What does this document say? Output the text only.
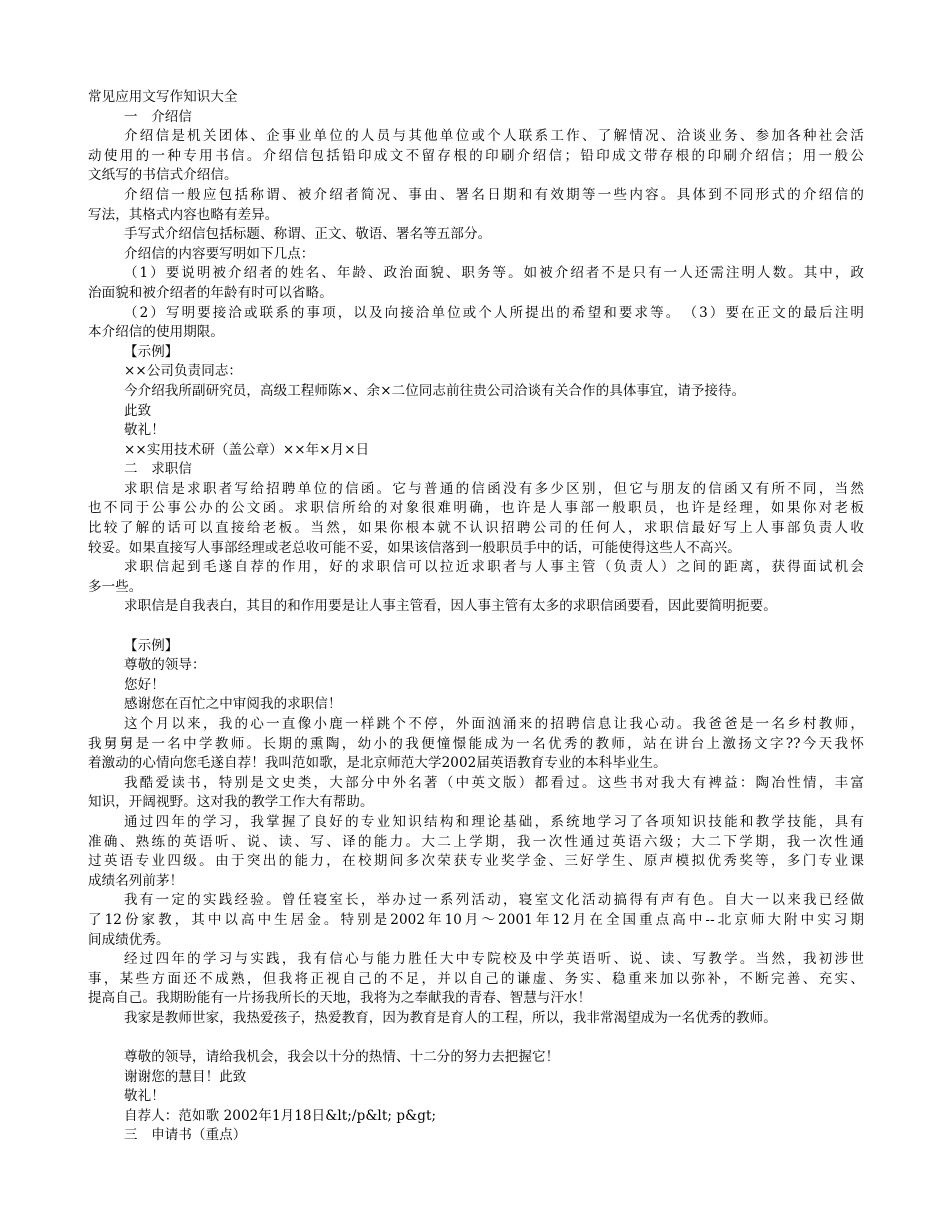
常见应用文写作知识大全
一　介绍信
介绍信是机关团体、企事业单位的人员与其他单位或个人联系工作、了解情况、洽谈业务、参加各种社会活
动使用的一种专用书信。介绍信包括铅印成文不留存根的印刷介绍信；铅印成文带存根的印刷介绍信；用一般公
文纸写的书信式介绍信。
介绍信一般应包括称谓、被介绍者简况、事由、署名日期和有效期等一些内容。具体到不同形式的介绍信的
写法，其格式内容也略有差异。
手写式介绍信包括标题、称谓、正文、敬语、署名等五部分。
介绍信的内容要写明如下几点：
（1）要说明被介绍者的姓名、年龄、政治面貌、职务等。如被介绍者不是只有一人还需注明人数。其中，政
治面貌和被介绍者的年龄有时可以省略。
（2）写明要接洽或联系的事项，以及向接洽单位或个人所提出的希望和要求等。　（3）要在正文的最后注明
本介绍信的使用期限。
【示例】
××公司负责同志：
今介绍我所副研究员，高级工程师陈×、余×二位同志前往贵公司洽谈有关合作的具体事宜，请予接待。
此致
敬礼！
××实用技术研（盖公章）××年×月×日
二　求职信
求职信是求职者写给招聘单位的信函。它与普通的信函没有多少区别，但它与朋友的信函又有所不同，当然
也不同于公事公办的公文函。求职信所给的对象很难明确，也许是人事部一般职员，也许是经理，如果你对老板
比较了解的话可以直接给老板。当然，如果你根本就不认识招聘公司的任何人，求职信最好写上人事部负责人收
较妥。如果直接写人事部经理或老总收可能不妥，如果该信落到一般职员手中的话，可能使得这些人不高兴。
求职信起到毛遂自荐的作用，好的求职信可以拉近求职者与人事主管（负责人）之间的距离，获得面试机会
多一些。
求职信是自我表白，其目的和作用要是让人事主管看，因人事主管有太多的求职信函要看，因此要简明扼要。
【示例】
尊敬的领导：
您好！
感谢您在百忙之中审阅我的求职信！
这个月以来，我的心一直像小鹿一样跳个不停，外面汹涌来的招聘信息让我心动。我爸爸是一名乡村教师，
我舅舅是一名中学教师。长期的熏陶，幼小的我便憧憬能成为一名优秀的教师，站在讲台上激扬文字??今天我怀
着激动的心情向您毛遂自荐！我叫范如歌，是北京师范大学2002届英语教育专业的本科毕业生。
我酷爱读书，特别是文史类，大部分中外名著（中英文版）都看过。这些书对我大有裨益：陶冶性情，丰富
知识，开阔视野。这对我的教学工作大有帮助。
通过四年的学习，我掌握了良好的专业知识结构和理论基础，系统地学习了各项知识技能和教学技能，具有
准确、熟练的英语听、说、读、写、译的能力。大二上学期，我一次性通过英语六级；大二下学期，我一次性通
过英语专业四级。由于突出的能力，在校期间多次荣获专业奖学金、三好学生、原声模拟优秀奖等，多门专业课
成绩名列前茅！
我有一定的实践经验。曾任寝室长，举办过一系列活动，寝室文化活动搞得有声有色。自大一以来我已经做
了12份家教，其中以高中生居金。特别是2002年10月～2001年12月在全国重点高中--北京师大附中实习期
间成绩优秀。
经过四年的学习与实践，我有信心与能力胜任大中专院校及中学英语听、说、读、写教学。当然，我初涉世
事，某些方面还不成熟，但我将正视自己的不足，并以自己的谦虚、务实、稳重来加以弥补，不断完善、充实、
提高自己。我期盼能有一片扬我所长的天地，我将为之奉献我的青春、智慧与汗水！
我家是教师世家，我热爱孩子，热爱教育，因为教育是育人的工程，所以，我非常渴望成为一名优秀的教师。
尊敬的领导，请给我机会，我会以十分的热情、十二分的努力去把握它！
谢谢您的慧目！此致
敬礼！
自荐人：范如歌 2002年1月18日&lt;/p&lt; p&gt;
三　申请书（重点）
